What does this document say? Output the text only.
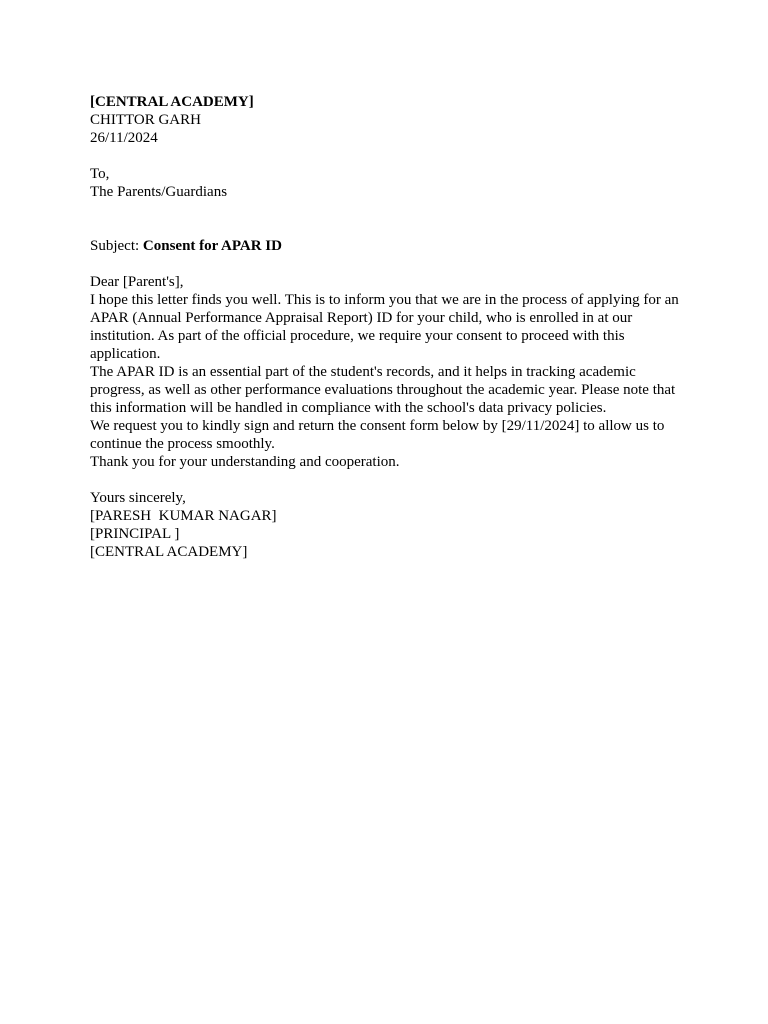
[CENTRAL ACADEMY]
CHITTOR GARH
26/11/2024
To,
The Parents/Guardians
Subject: Consent for APAR ID
Dear [Parent's],

I hope this letter finds you well. This is to inform you that we are in the process of applying for an APAR (Annual Performance Appraisal Report) ID for your child, who is enrolled in at our institution. As part of the official procedure, we require your consent to proceed with this application.

The APAR ID is an essential part of the student's records, and it helps in tracking academic progress, as well as other performance evaluations throughout the academic year. Please note that this information will be handled in compliance with the school's data privacy policies.

We request you to kindly sign and return the consent form below by [29/11/2024] to allow us to continue the process smoothly.

Thank you for your understanding and cooperation.

Yours sincerely,
[PARESH  KUMAR NAGAR]
[PRINCIPAL ]
[CENTRAL ACADEMY]
